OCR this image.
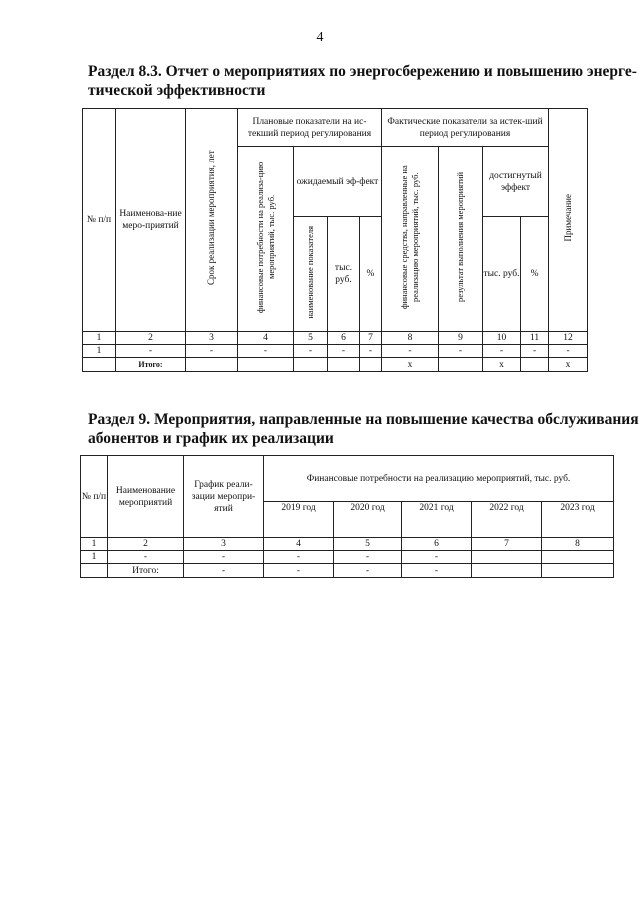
4
Раздел 8.3. Отчет о мероприятиях по энергосбережению и повышению энерге-
тической эффективности
№ п/п	Наименова-ние меро-приятий	Срок реализации мероприятия, лет	Плановые показатели на ис-текший период регулирования				Фактические показатели за истек-ший период регулирования				Примечание
			финансовые потребности на реализа-цию мероприятий, тыс. руб.	ожидаемый эф-фект			финансовые средства, направленные на реализацию мероприятий, тыс. руб.	результат выполнения мероприятий	достигнутый эффект		
				наименование показателя	тыс. руб.	%			тыс. руб.	%	

1	2	3	4	5	6	7	8	9	10	11	12
1	-	-	-	-	-	-	-	-	-	-	-
	Итого:						x		x		x
Раздел 9. Мероприятия, направленные на повышение качества обслуживания
абонентов и график их реализации
№ п/п	Наименование мероприятий	График реали-зации меропри-ятий	Финансовые потребности на реализацию мероприятий, тыс. руб.				
			2019 год	2020 год	2021 год	2022 год	2023 год
1	2	3	4	5	6	7	8
1	-	-	-	-	-		
	Итого:	-	-	-	-		
